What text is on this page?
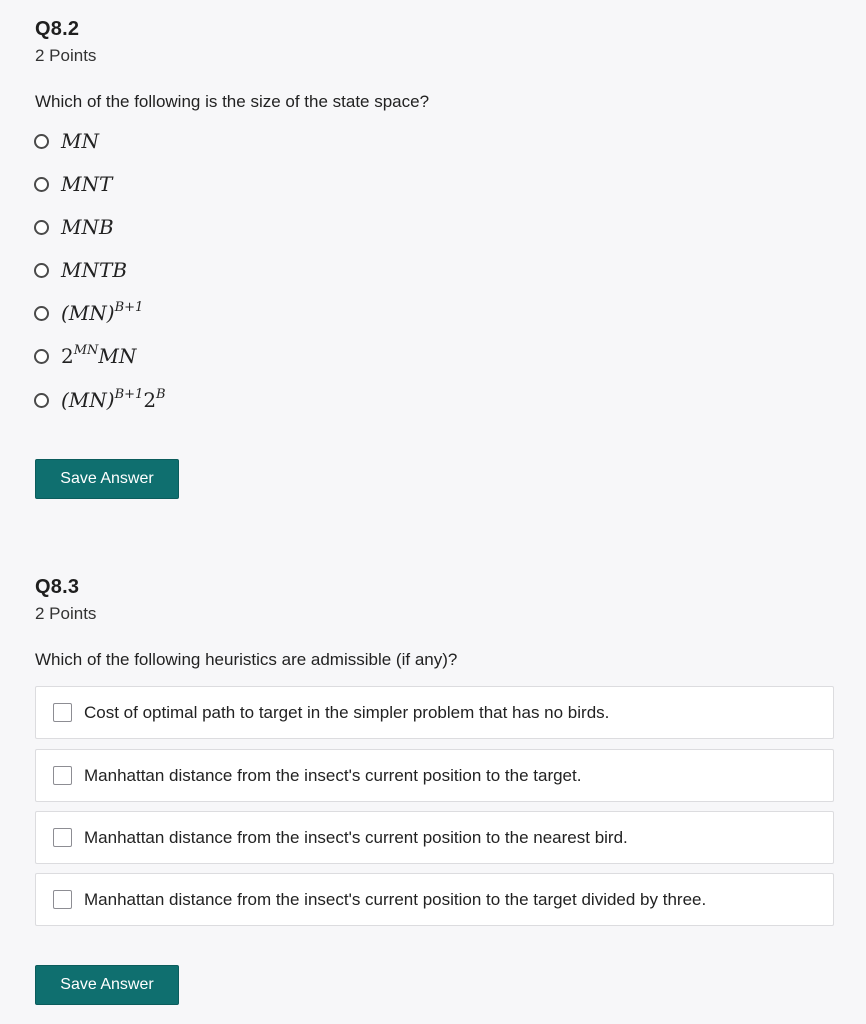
Q8.2
2 Points
Which of the following is the size of the state space?
MN
MNT
MNB
MNTB
(MN)$^{B+1}$
$2^{MN}MN$
$(MN)^{B+1}2^B$
Save Answer
Q8.3
2 Points
Which of the following heuristics are admissible (if any)?
Cost of optimal path to target in the simpler problem that has no birds.
Manhattan distance from the insect's current position to the target.
Manhattan distance from the insect's current position to the nearest bird.
Manhattan distance from the insect's current position to the target divided by three.
Save Answer
